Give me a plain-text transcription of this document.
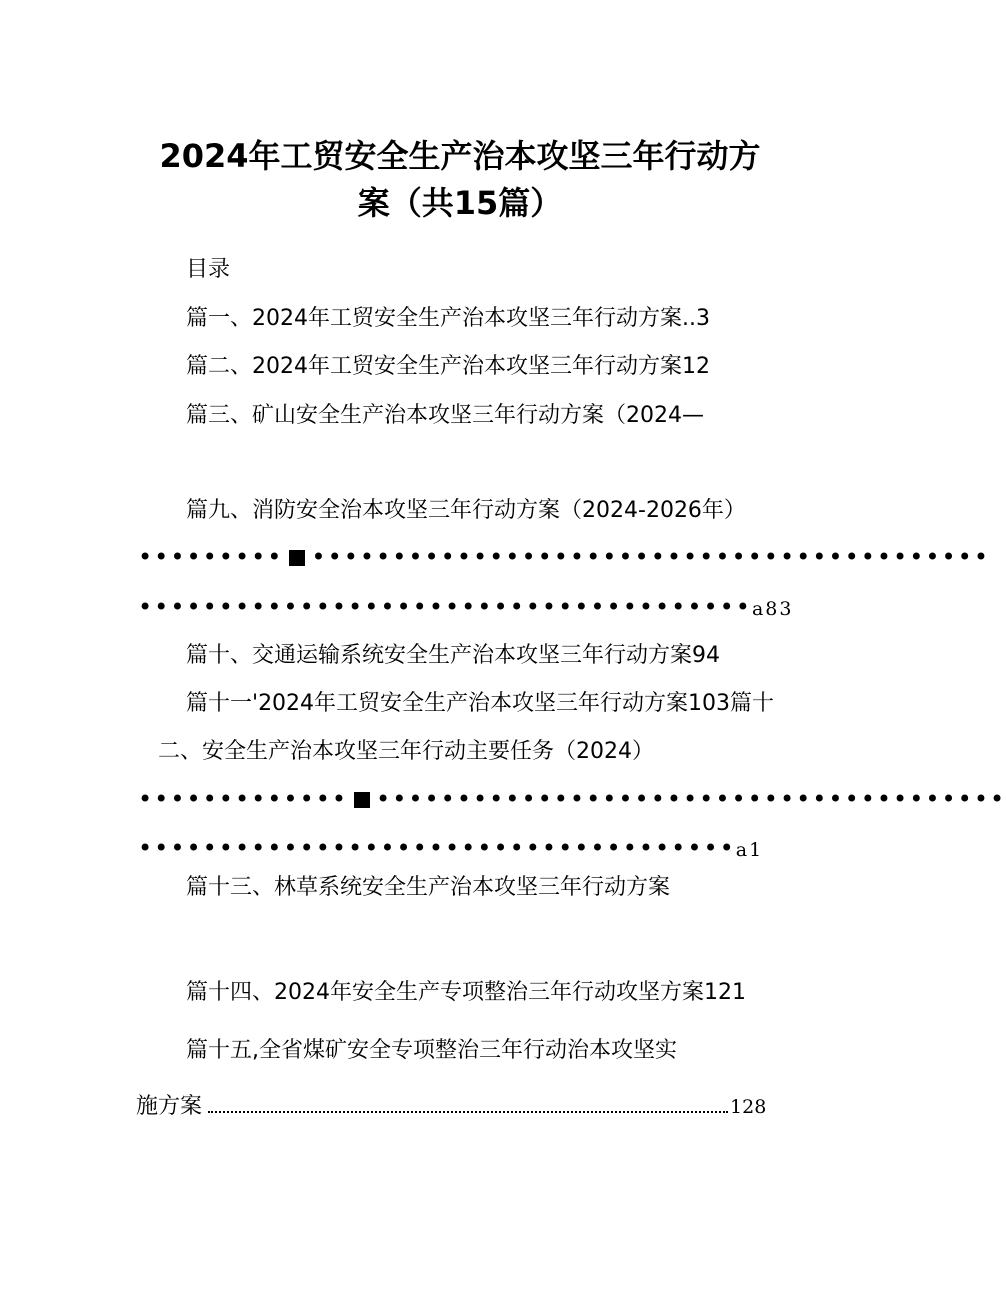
2024年工贸安全生产治本攻坚三年行动方
案（共15篇）
目录
篇一、2024年工贸安全生产治本攻坚三年行动方案..3
篇二、2024年工贸安全生产治本攻坚三年行动方案12
篇三、矿山安全生产治本攻坚三年行动方案（2024—
篇九、消防安全治本攻坚三年行动方案（2024-2026年）
••••••••• ••••••••••••••••••••••••••••••••••••••••••
••••••••••••••••••••••••••••••••••••••a83
篇十、交通运输系统安全生产治本攻坚三年行动方案94
篇十一'2024年工贸安全生产治本攻坚三年行动方案103篇十
二、安全生产治本攻坚三年行动主要任务（2024）
••••••••••••• •••••••••••••••••••••••••••••••••••••••
•••••••••••••••••••••••••••••••••••••a1
篇十三、林草系统安全生产治本攻坚三年行动方案
篇十四、2024年安全生产专项整治三年行动攻坚方案121
篇十五,全省煤矿安全专项整治三年行动治本攻坚实
施方案	128
